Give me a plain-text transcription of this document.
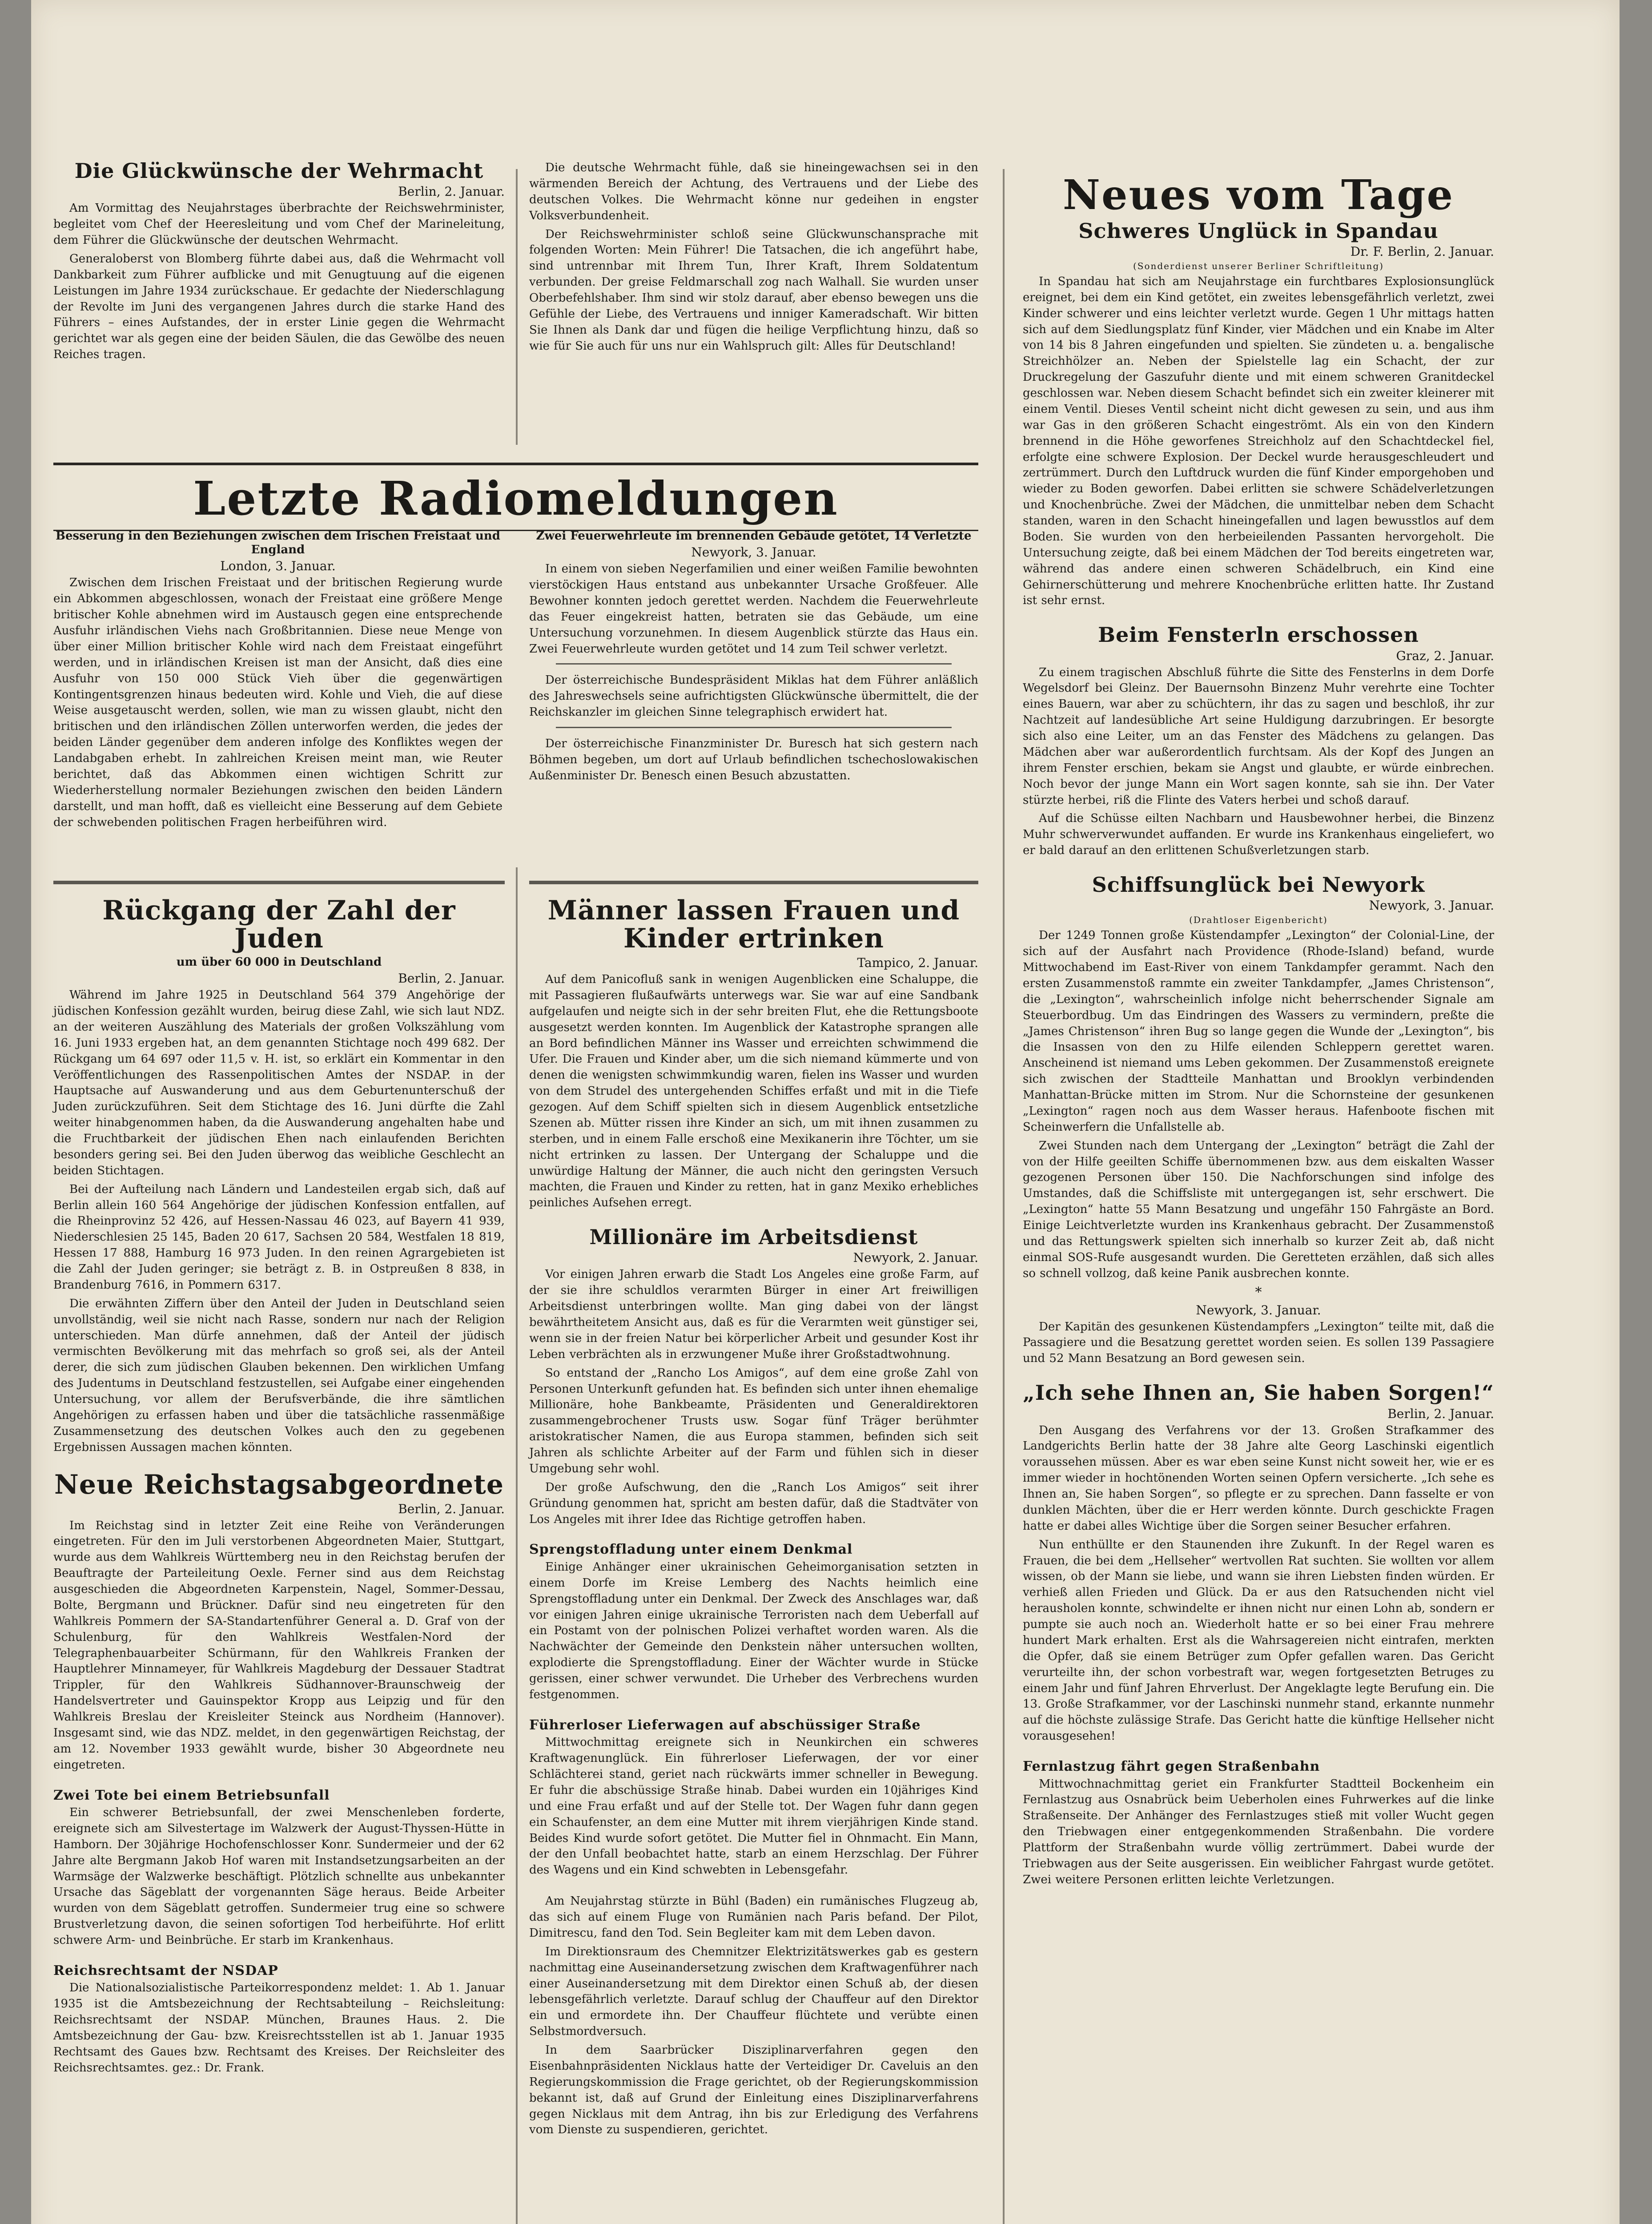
Die Glückwünsche der Wehrmacht
Berlin, 2. Januar.

Am Vormittag des Neujahrstages überbrachte der Reichswehrminister, begleitet vom Chef der Heeresleitung und vom Chef der Marineleitung, dem Führer die Glückwünsche der deutschen Wehrmacht.

Generaloberst von Blomberg führte dabei aus, daß die Wehrmacht voll Dankbarkeit zum Führer aufblicke und mit Genugtuung auf die eigenen Leistungen im Jahre 1934 zurückschaue. Er gedachte der Niederschlagung der Revolte im Juni des vergangenen Jahres durch die starke Hand des Führers – eines Aufstandes, der in erster Linie gegen die Wehrmacht gerichtet war als gegen eine der beiden Säulen, die das Gewölbe des neuen Reiches tragen.

Die deutsche Wehrmacht fühle, daß sie hineingewachsen sei in den wärmenden Bereich der Achtung, des Vertrauens und der Liebe des deutschen Volkes. Die Wehrmacht könne nur gedeihen in engster Volksverbundenheit.

Der Reichswehrminister schloß seine Glückwunschansprache mit folgenden Worten: Mein Führer! Die Tatsachen, die ich angeführt habe, sind untrennbar mit Ihrem Tun, Ihrer Kraft, Ihrem Soldatentum verbunden. Der greise Feldmarschall zog nach Walhall. Sie wurden unser Oberbefehlshaber. Ihm sind wir stolz darauf, aber ebenso bewegen uns die Gefühle der Liebe, des Vertrauens und inniger Kameradschaft. Wir bitten Sie Ihnen als Dank dar und fügen die heilige Verpflichtung hinzu, daß so wie für Sie auch für uns nur ein Wahlspruch gilt: Alles für Deutschland!

Letzte Radiomeldungen
Besserung in den Beziehungen zwischen dem Irischen Freistaat und England
London, 3. Januar.

Zwischen dem Irischen Freistaat und der britischen Regierung wurde ein Abkommen abgeschlossen, wonach der Freistaat eine größere Menge britischer Kohle abnehmen wird im Austausch gegen eine entsprechende Ausfuhr irländischen Viehs nach Großbritannien. Diese neue Menge von über einer Million britischer Kohle wird nach dem Freistaat eingeführt werden, und in irländischen Kreisen ist man der Ansicht, daß dies eine Ausfuhr von 150 000 Stück Vieh über die gegenwärtigen Kontingentsgrenzen hinaus bedeuten wird. Kohle und Vieh, die auf diese Weise ausgetauscht werden, sollen, wie man zu wissen glaubt, nicht den britischen und den irländischen Zöllen unterworfen werden, die jedes der beiden Länder gegenüber dem anderen infolge des Konfliktes wegen der Landabgaben erhebt. In zahlreichen Kreisen meint man, wie Reuter berichtet, daß das Abkommen einen wichtigen Schritt zur Wiederherstellung normaler Beziehungen zwischen den beiden Ländern darstellt, und man hofft, daß es vielleicht eine Besserung auf dem Gebiete der schwebenden politischen Fragen herbeiführen wird.

Zwei Feuerwehrleute im brennenden Gebäude getötet, 14 Verletzte
Newyork, 3. Januar.

In einem von sieben Negerfamilien und einer weißen Familie bewohnten vierstöckigen Haus entstand aus unbekannter Ursache Großfeuer. Alle Bewohner konnten jedoch gerettet werden. Nachdem die Feuerwehrleute das Feuer eingekreist hatten, betraten sie das Gebäude, um eine Untersuchung vorzunehmen. In diesem Augenblick stürzte das Haus ein. Zwei Feuerwehrleute wurden getötet und 14 zum Teil schwer verletzt.

Der österreichische Bundespräsident Miklas hat dem Führer anläßlich des Jahreswechsels seine aufrichtigsten Glückwünsche übermittelt, die der Reichskanzler im gleichen Sinne telegraphisch erwidert hat.

Der österreichische Finanzminister Dr. Buresch hat sich gestern nach Böhmen begeben, um dort auf Urlaub befindlichen tschechoslowakischen Außenminister Dr. Benesch einen Besuch abzustatten.

Rückgang der Zahl der Juden
um über 60 000 in Deutschland
Berlin, 2. Januar.

Während im Jahre 1925 in Deutschland 564 379 Angehörige der jüdischen Konfession gezählt wurden, beirug diese Zahl, wie sich laut NDZ. an der weiteren Auszählung des Materials der großen Volkszählung vom 16. Juni 1933 ergeben hat, an dem genannten Stichtage noch 499 682. Der Rückgang um 64 697 oder 11,5 v. H. ist, so erklärt ein Kommentar in den Veröffentlichungen des Rassenpolitischen Amtes der NSDAP. in der Hauptsache auf Auswanderung und aus dem Geburtenunterschuß der Juden zurückzuführen. Seit dem Stichtage des 16. Juni dürfte die Zahl weiter hinabgenommen haben, da die Auswanderung angehalten habe und die Fruchtbarkeit der jüdischen Ehen nach einlaufenden Berichten besonders gering sei. Bei den Juden überwog das weibliche Geschlecht an beiden Stichtagen.

Bei der Aufteilung nach Ländern und Landesteilen ergab sich, daß auf Berlin allein 160 564 Angehörige der jüdischen Konfession entfallen, auf die Rheinprovinz 52 426, auf Hessen-Nassau 46 023, auf Bayern 41 939, Niederschlesien 25 145, Baden 20 617, Sachsen 20 584, Westfalen 18 819, Hessen 17 888, Hamburg 16 973 Juden. In den reinen Agrargebieten ist die Zahl der Juden geringer; sie beträgt z. B. in Ostpreußen 8 838, in Brandenburg 7616, in Pommern 6317.

Die erwähnten Ziffern über den Anteil der Juden in Deutschland seien unvollständig, weil sie nicht nach Rasse, sondern nur nach der Religion unterschieden. Man dürfe annehmen, daß der Anteil der jüdisch vermischten Bevölkerung mit das mehrfach so groß sei, als der Anteil derer, die sich zum jüdischen Glauben bekennen. Den wirklichen Umfang des Judentums in Deutschland festzustellen, sei Aufgabe einer eingehenden Untersuchung, vor allem der Berufsverbände, die ihre sämtlichen Angehörigen zu erfassen haben und über die tatsächliche rassenmäßige Zusammensetzung des deutschen Volkes auch den zu gegebenen Ergebnissen Aussagen machen könnten.

Neue Reichstagsabgeordnete
Berlin, 2. Januar.

Im Reichstag sind in letzter Zeit eine Reihe von Veränderungen eingetreten. Für den im Juli verstorbenen Abgeordneten Maier, Stuttgart, wurde aus dem Wahlkreis Württemberg neu in den Reichstag berufen der Beauftragte der Parteileitung Oexle. Ferner sind aus dem Reichstag ausgeschieden die Abgeordneten Karpenstein, Nagel, Sommer-Dessau, Bolte, Bergmann und Brückner. Dafür sind neu eingetreten für den Wahlkreis Pommern der SA-Standartenführer General a. D. Graf von der Schulenburg, für den Wahlkreis Westfalen-Nord der Telegraphenbauarbeiter Schürmann, für den Wahlkreis Franken der Hauptlehrer Minnameyer, für Wahlkreis Magdeburg der Dessauer Stadtrat Trippler, für den Wahlkreis Südhannover-Braunschweig der Handelsvertreter und Gauinspektor Kropp aus Leipzig und für den Wahlkreis Breslau der Kreisleiter Steinck aus Nordheim (Hannover). Insgesamt sind, wie das NDZ. meldet, in den gegenwärtigen Reichstag, der am 12. November 1933 gewählt wurde, bisher 30 Abgeordnete neu eingetreten.

Zwei Tote bei einem Betriebsunfall

Ein schwerer Betriebsunfall, der zwei Menschenleben forderte, ereignete sich am Silvestertage im Walzwerk der August-Thyssen-Hütte in Hamborn. Der 30jährige Hochofenschlosser Konr. Sundermeier und der 62 Jahre alte Bergmann Jakob Hof waren mit Instandsetzungsarbeiten an der Warmsäge der Walzwerke beschäftigt. Plötzlich schnellte aus unbekannter Ursache das Sägeblatt der vorgenannten Säge heraus. Beide Arbeiter wurden von dem Sägeblatt getroffen. Sundermeier trug eine so schwere Brustverletzung davon, die seinen sofortigen Tod herbeiführte. Hof erlitt schwere Arm- und Beinbrüche. Er starb im Krankenhaus.

Reichsrechtsamt der NSDAP

Die Nationalsozialistische Parteikorrespondenz meldet: 1. Ab 1. Januar 1935 ist die Amtsbezeichnung der Rechtsabteilung – Reichsleitung: Reichsrechtsamt der NSDAP. München, Braunes Haus. 2. Die Amtsbezeichnung der Gau- bzw. Kreisrechtsstellen ist ab 1. Januar 1935 Rechtsamt des Gaues bzw. Rechtsamt des Kreises. Der Reichsleiter des Reichsrechtsamtes. gez.: Dr. Frank.

Männer lassen Frauen und Kinder ertrinken
Tampico, 2. Januar.

Auf dem Panicofluß sank in wenigen Augenblicken eine Schaluppe, die mit Passagieren flußaufwärts unterwegs war. Sie war auf eine Sandbank aufgelaufen und neigte sich in der sehr breiten Flut, ehe die Rettungsboote ausgesetzt werden konnten. Im Augenblick der Katastrophe sprangen alle an Bord befindlichen Männer ins Wasser und erreichten schwimmend die Ufer. Die Frauen und Kinder aber, um die sich niemand kümmerte und von denen die wenigsten schwimmkundig waren, fielen ins Wasser und wurden von dem Strudel des untergehenden Schiffes erfaßt und mit in die Tiefe gezogen. Auf dem Schiff spielten sich in diesem Augenblick entsetzliche Szenen ab. Mütter rissen ihre Kinder an sich, um mit ihnen zusammen zu sterben, und in einem Falle erschoß eine Mexikanerin ihre Töchter, um sie nicht ertrinken zu lassen. Der Untergang der Schaluppe und die unwürdige Haltung der Männer, die auch nicht den geringsten Versuch machten, die Frauen und Kinder zu retten, hat in ganz Mexiko erhebliches peinliches Aufsehen erregt.

Millionäre im Arbeitsdienst
Newyork, 2. Januar.

Vor einigen Jahren erwarb die Stadt Los Angeles eine große Farm, auf der sie ihre schuldlos verarmten Bürger in einer Art freiwilligen Arbeitsdienst unterbringen wollte. Man ging dabei von der längst bewährtheitetem Ansicht aus, daß es für die Verarmten weit günstiger sei, wenn sie in der freien Natur bei körperlicher Arbeit und gesunder Kost ihr Leben verbrächten als in erzwungener Muße ihrer Großstadtwohnung.

So entstand der „Rancho Los Amigos“, auf dem eine große Zahl von Personen Unterkunft gefunden hat. Es befinden sich unter ihnen ehemalige Millionäre, hohe Bankbeamte, Präsidenten und Generaldirektoren zusammengebrochener Trusts usw. Sogar fünf Träger berühmter aristokratischer Namen, die aus Europa stammen, befinden sich seit Jahren als schlichte Arbeiter auf der Farm und fühlen sich in dieser Umgebung sehr wohl.

Der große Aufschwung, den die „Ranch Los Amigos“ seit ihrer Gründung genommen hat, spricht am besten dafür, daß die Stadtväter von Los Angeles mit ihrer Idee das Richtige getroffen haben.

Sprengstoffladung unter einem Denkmal

Einige Anhänger einer ukrainischen Geheimorganisation setzten in einem Dorfe im Kreise Lemberg des Nachts heimlich eine Sprengstoffladung unter ein Denkmal. Der Zweck des Anschlages war, daß vor einigen Jahren einige ukrainische Terroristen nach dem Ueberfall auf ein Postamt von der polnischen Polizei verhaftet worden waren. Als die Nachwächter der Gemeinde den Denkstein näher untersuchen wollten, explodierte die Sprengstoffladung. Einer der Wächter wurde in Stücke gerissen, einer schwer verwundet. Die Urheber des Verbrechens wurden festgenommen.

Führerloser Lieferwagen auf abschüssiger Straße

Mittwochmittag ereignete sich in Neunkirchen ein schweres Kraftwagenunglück. Ein führerloser Lieferwagen, der vor einer Schlächterei stand, geriet nach rückwärts immer schneller in Bewegung. Er fuhr die abschüssige Straße hinab. Dabei wurden ein 10jähriges Kind und eine Frau erfaßt und auf der Stelle tot. Der Wagen fuhr dann gegen ein Schaufenster, an dem eine Mutter mit ihrem vierjährigen Kinde stand. Beides Kind wurde sofort getötet. Die Mutter fiel in Ohnmacht. Ein Mann, der den Unfall beobachtet hatte, starb an einem Herzschlag. Der Führer des Wagens und ein Kind schwebten in Lebensgefahr.

Am Neujahrstag stürzte in Bühl (Baden) ein rumänisches Flugzeug ab, das sich auf einem Fluge von Rumänien nach Paris befand. Der Pilot, Dimitrescu, fand den Tod. Sein Begleiter kam mit dem Leben davon.

Im Direktionsraum des Chemnitzer Elektrizitätswerkes gab es gestern nachmittag eine Auseinandersetzung zwischen dem Kraftwagenführer nach einer Auseinandersetzung mit dem Direktor einen Schuß ab, der diesen lebensgefährlich verletzte. Darauf schlug der Chauffeur auf den Direktor ein und ermordete ihn. Der Chauffeur flüchtete und verübte einen Selbstmordversuch.

In dem Saarbrücker Disziplinarverfahren gegen den Eisenbahnpräsidenten Nicklaus hatte der Verteidiger Dr. Caveluis an den Regierungskommission die Frage gerichtet, ob der Regierungskommission bekannt ist, daß auf Grund der Einleitung eines Disziplinarverfahrens gegen Nicklaus mit dem Antrag, ihn bis zur Erledigung des Verfahrens vom Dienste zu suspendieren, gerichtet.

Neues vom Tage
Schweres Unglück in Spandau
Dr. F. Berlin, 2. Januar.
(Sonderdienst unserer Berliner Schriftleitung)

In Spandau hat sich am Neujahrstage ein furchtbares Explosionsunglück ereignet, bei dem ein Kind getötet, ein zweites lebensgefährlich verletzt, zwei Kinder schwerer und eins leichter verletzt wurde. Gegen 1 Uhr mittags hatten sich auf dem Siedlungsplatz fünf Kinder, vier Mädchen und ein Knabe im Alter von 14 bis 8 Jahren eingefunden und spielten. Sie zündeten u. a. bengalische Streichhölzer an. Neben der Spielstelle lag ein Schacht, der zur Druckregelung der Gaszufuhr diente und mit einem schweren Granitdeckel geschlossen war. Neben diesem Schacht befindet sich ein zweiter kleinerer mit einem Ventil. Dieses Ventil scheint nicht dicht gewesen zu sein, und aus ihm war Gas in den größeren Schacht eingeströmt. Als ein von den Kindern brennend in die Höhe geworfenes Streichholz auf den Schachtdeckel fiel, erfolgte eine schwere Explosion. Der Deckel wurde herausgeschleudert und zertrümmert. Durch den Luftdruck wurden die fünf Kinder emporgehoben und wieder zu Boden geworfen. Dabei erlitten sie schwere Schädelverletzungen und Knochenbrüche. Zwei der Mädchen, die unmittelbar neben dem Schacht standen, waren in den Schacht hineingefallen und lagen bewusstlos auf dem Boden. Sie wurden von den herbeieilenden Passanten hervorgeholt. Die Untersuchung zeigte, daß bei einem Mädchen der Tod bereits eingetreten war, während das andere einen schweren Schädelbruch, ein Kind eine Gehirnerschütterung und mehrere Knochenbrüche erlitten hatte. Ihr Zustand ist sehr ernst.

Beim Fensterln erschossen
Graz, 2. Januar.

Zu einem tragischen Abschluß führte die Sitte des Fensterlns in dem Dorfe Wegelsdorf bei Gleinz. Der Bauernsohn Binzenz Muhr verehrte eine Tochter eines Bauern, war aber zu schüchtern, ihr das zu sagen und beschloß, ihr zur Nachtzeit auf landesübliche Art seine Huldigung darzubringen. Er besorgte sich also eine Leiter, um an das Fenster des Mädchens zu gelangen. Das Mädchen aber war außerordentlich furchtsam. Als der Kopf des Jungen an ihrem Fenster erschien, bekam sie Angst und glaubte, er würde einbrechen. Noch bevor der junge Mann ein Wort sagen konnte, sah sie ihn. Der Vater stürzte herbei, riß die Flinte des Vaters herbei und schoß darauf.

Auf die Schüsse eilten Nachbarn und Hausbewohner herbei, die Binzenz Muhr schwerverwundet auffanden. Er wurde ins Krankenhaus eingeliefert, wo er bald darauf an den erlittenen Schußverletzungen starb.

Schiffsunglück bei Newyork
Newyork, 3. Januar.
(Drahtloser Eigenbericht)

Der 1249 Tonnen große Küstendampfer „Lexington“ der Colonial-Line, der sich auf der Ausfahrt nach Providence (Rhode-Island) befand, wurde Mittwochabend im East-River von einem Tankdampfer gerammt. Nach den ersten Zusammenstoß rammte ein zweiter Tankdampfer, „James Christenson“, die „Lexington“, wahrscheinlich infolge nicht beherrschender Signale am Steuerbordbug. Um das Eindringen des Wassers zu vermindern, preßte die „James Christenson“ ihren Bug so lange gegen die Wunde der „Lexington“, bis die Insassen von den zu Hilfe eilenden Schleppern gerettet waren. Anscheinend ist niemand ums Leben gekommen. Der Zusammenstoß ereignete sich zwischen der Stadtteile Manhattan und Brooklyn verbindenden Manhattan-Brücke mitten im Strom. Nur die Schornsteine der gesunkenen „Lexington“ ragen noch aus dem Wasser heraus. Hafenboote fischen mit Scheinwerfern die Unfallstelle ab.

Zwei Stunden nach dem Untergang der „Lexington“ beträgt die Zahl der von der Hilfe geeilten Schiffe übernommenen bzw. aus dem eiskalten Wasser gezogenen Personen über 150. Die Nachforschungen sind infolge des Umstandes, daß die Schiffsliste mit untergegangen ist, sehr erschwert. Die „Lexington“ hatte 55 Mann Besatzung und ungefähr 150 Fahrgäste an Bord. Einige Leichtverletzte wurden ins Krankenhaus gebracht. Der Zusammenstoß und das Rettungswerk spielten sich innerhalb so kurzer Zeit ab, daß nicht einmal SOS-Rufe ausgesandt wurden. Die Geretteten erzählen, daß sich alles so schnell vollzog, daß keine Panik ausbrechen konnte.

*
Newyork, 3. Januar.

Der Kapitän des gesunkenen Küstendampfers „Lexington“ teilte mit, daß die Passagiere und die Besatzung gerettet worden seien. Es sollen 139 Passagiere und 52 Mann Besatzung an Bord gewesen sein.

„Ich sehe Ihnen an, Sie haben Sorgen!“
Berlin, 2. Januar.

Den Ausgang des Verfahrens vor der 13. Großen Strafkammer des Landgerichts Berlin hatte der 38 Jahre alte Georg Laschinski eigentlich voraussehen müssen. Aber es war eben seine Kunst nicht soweit her, wie er es immer wieder in hochtönenden Worten seinen Opfern versicherte. „Ich sehe es Ihnen an, Sie haben Sorgen“, so pflegte er zu sprechen. Dann fasselte er von dunklen Mächten, über die er Herr werden könnte. Durch geschickte Fragen hatte er dabei alles Wichtige über die Sorgen seiner Besucher erfahren.

Nun enthüllte er den Staunenden ihre Zukunft. In der Regel waren es Frauen, die bei dem „Hellseher“ wertvollen Rat suchten. Sie wollten vor allem wissen, ob der Mann sie liebe, und wann sie ihren Liebsten finden würden. Er verhieß allen Frieden und Glück. Da er aus den Ratsuchenden nicht viel herausholen konnte, schwindelte er ihnen nicht nur einen Lohn ab, sondern er pumpte sie auch noch an. Wiederholt hatte er so bei einer Frau mehrere hundert Mark erhalten. Erst als die Wahrsagereien nicht eintrafen, merkten die Opfer, daß sie einem Betrüger zum Opfer gefallen waren. Das Gericht verurteilte ihn, der schon vorbestraft war, wegen fortgesetzten Betruges zu einem Jahr und fünf Jahren Ehrverlust. Der Angeklagte legte Berufung ein. Die 13. Große Strafkammer, vor der Laschinski nunmehr stand, erkannte nunmehr auf die höchste zulässige Strafe. Das Gericht hatte die künftige Hellseher nicht vorausgesehen!

Fernlastzug fährt gegen Straßenbahn

Mittwochnachmittag geriet ein Frankfurter Stadtteil Bockenheim ein Fernlastzug aus Osnabrück beim Ueberholen eines Fuhrwerkes auf die linke Straßenseite. Der Anhänger des Fernlastzuges stieß mit voller Wucht gegen den Triebwagen einer entgegenkommenden Straßenbahn. Die vordere Plattform der Straßenbahn wurde völlig zertrümmert. Dabei wurde der Triebwagen aus der Seite ausgerissen. Ein weiblicher Fahrgast wurde getötet. Zwei weitere Personen erlitten leichte Verletzungen.
